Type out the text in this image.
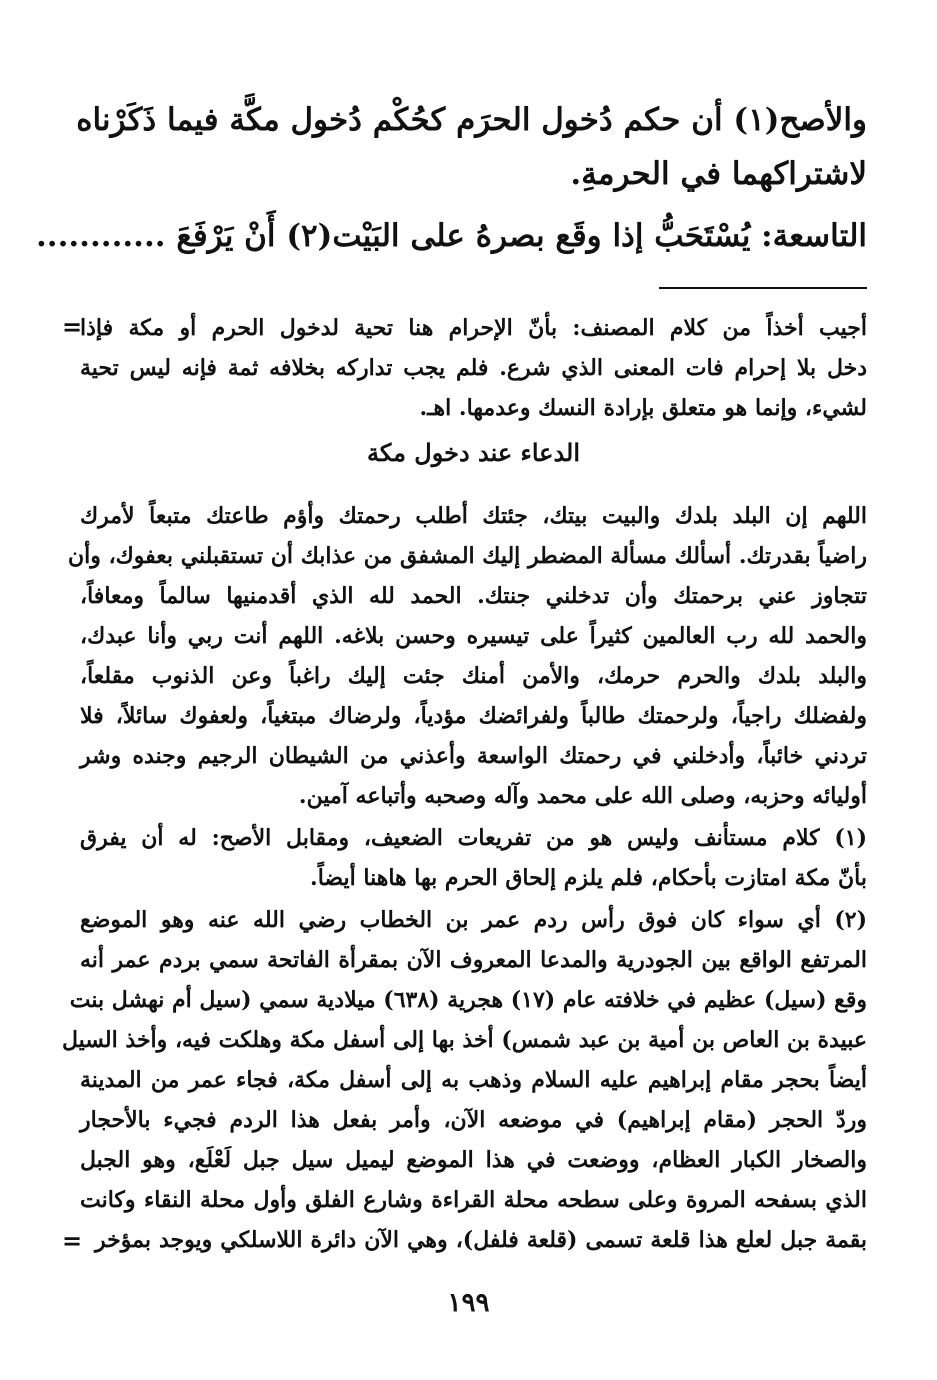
والأصح(١) أن حكم دُخول الحرَم كحُكْم دُخول مكَّة فيما ذَكَرْناه
لاشتراكهما في الحرمةِ.
التاسعة: يُسْتَحَبُّ إذا وقَع بصرهُ على البَيْت(٢) أَنْ يَرْفَعَ ............
=
أجيب أخذاً من كلام المصنف: بأنّ الإحرام هنا تحية لدخول الحرم أو مكة فإذا
دخل بلا إحرام فات المعنى الذي شرع. فلم يجب تداركه بخلافه ثمة فإنه ليس تحية
لشيء، وإنما هو متعلق بإرادة النسك وعدمها. اهـ.
الدعاء عند دخول مكة
اللهم إن البلد بلدك والبيت بيتك، جئتك أطلب رحمتك وأؤم طاعتك متبعاً لأمرك
راضياً بقدرتك. أسألك مسألة المضطر إليك المشفق من عذابك أن تستقبلني بعفوك، وأن
تتجاوز عني برحمتك وأن تدخلني جنتك. الحمد لله الذي أقدمنيها سالماً ومعافاً،
والحمد لله رب العالمين كثيراً على تيسيره وحسن بلاغه. اللهم أنت ربي وأنا عبدك،
والبلد بلدك والحرم حرمك، والأمن أمنك جئت إليك راغباً وعن الذنوب مقلعاً،
ولفضلك راجياً، ولرحمتك طالباً ولفرائضك مؤدياً، ولرضاك مبتغياً، ولعفوك سائلاً، فلا
تردني خائباً، وأدخلني في رحمتك الواسعة وأعذني من الشيطان الرجيم وجنده وشر
أوليائه وحزبه، وصلى الله على محمد وآله وصحبه وأتباعه آمين.
(١) كلام مستأنف وليس هو من تفريعات الضعيف، ومقابل الأصح: له أن يفرق
بأنّ مكة امتازت بأحكام، فلم يلزم إلحاق الحرم بها هاهنا أيضاً.
(٢) أي سواء كان فوق رأس ردم عمر بن الخطاب رضي الله عنه وهو الموضع
المرتفع الواقع بين الجودرية والمدعا المعروف الآن بمقرأة الفاتحة سمي بردم عمر أنه
وقع (سيل) عظيم في خلافته عام (١٧) هجرية (٦٣٨) ميلادية سمي (سيل أم نهشل بنت
عبيدة بن العاص بن أمية بن عبد شمس) أخذ بها إلى أسفل مكة وهلكت فيه، وأخذ السيل
أيضاً بحجر مقام إبراهيم عليه السلام وذهب به إلى أسفل مكة، فجاء عمر من المدينة
وردّ الحجر (مقام إبراهيم) في موضعه الآن، وأمر بفعل هذا الردم فجيء بالأحجار
والصخار الكبار العظام، ووضعت في هذا الموضع ليميل سيل جبل لَعْلَع، وهو الجبل
الذي بسفحه المروة وعلى سطحه محلة القراءة وشارع الفلق وأول محلة النقاء وكانت
بقمة جبل لعلع هذا قلعة تسمى (قلعة فلفل)، وهي الآن دائرة اللاسلكي ويوجد بمؤخر
=
١٩٩
